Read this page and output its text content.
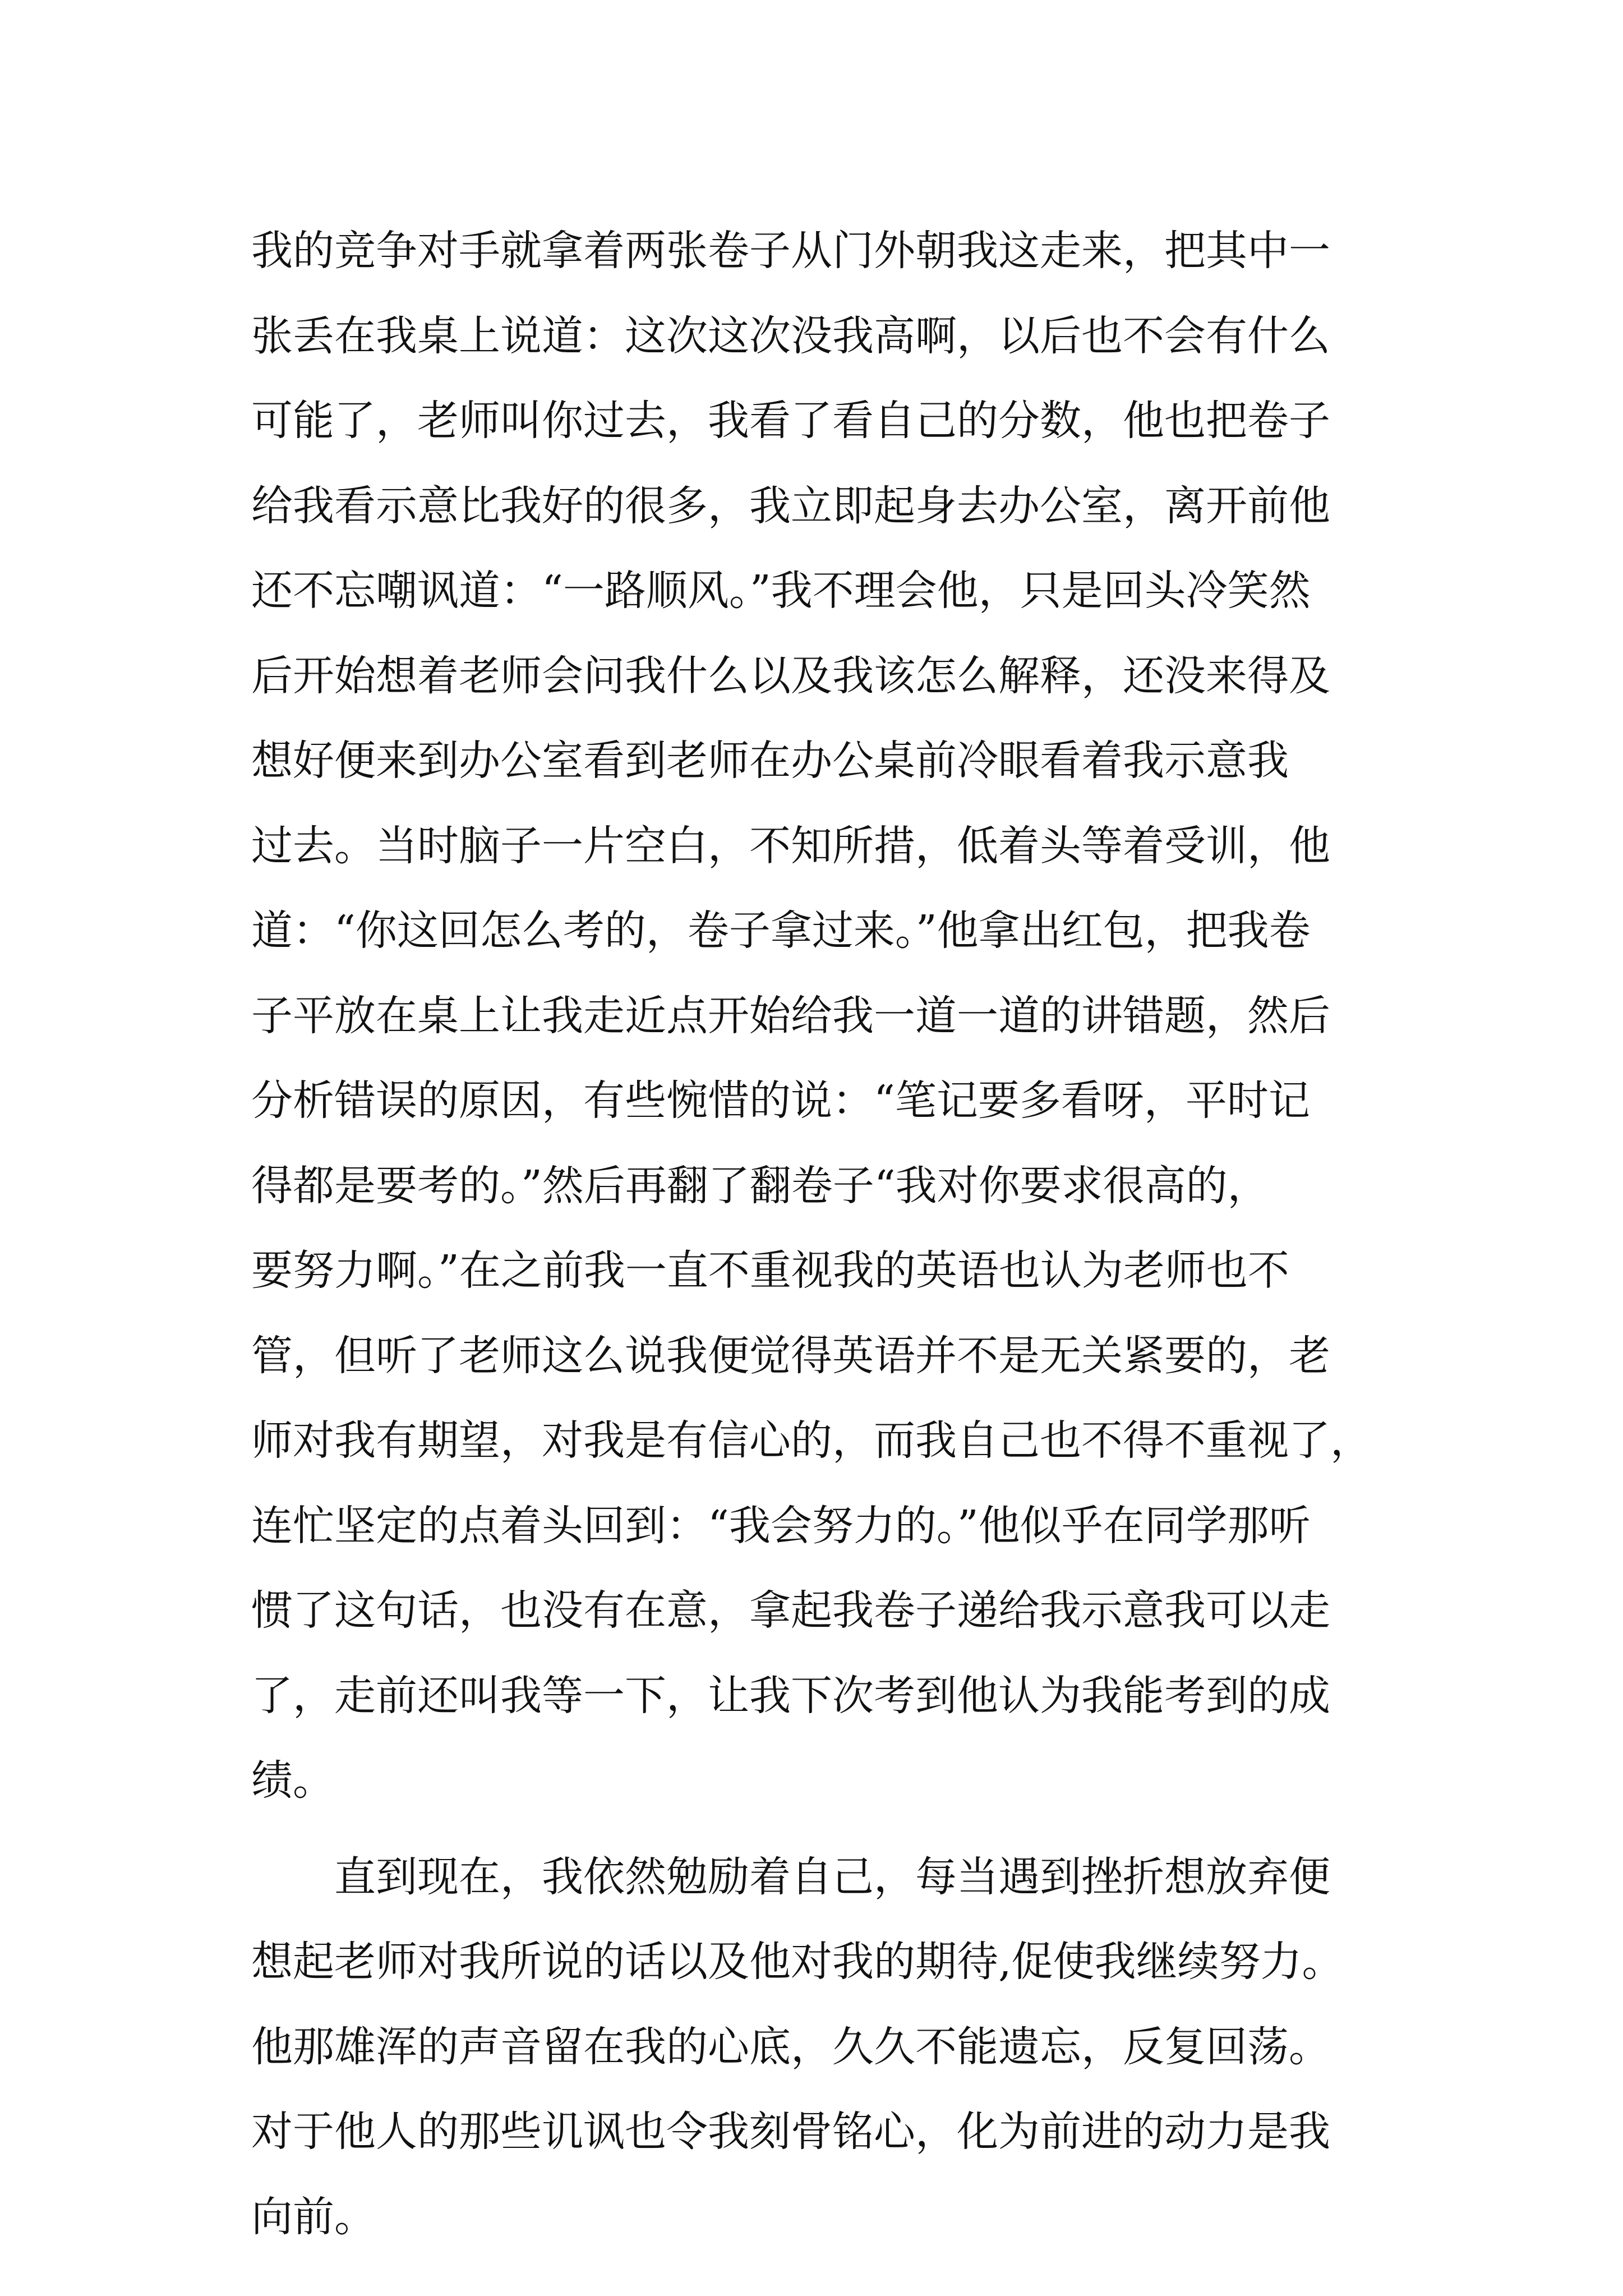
我的竞争对手就拿着两张卷子从门外朝我这走来，把其中一
张丢在我桌上说道：这次这次没我高啊，以后也不会有什么
可能了，老师叫你过去，我看了看自己的分数，他也把卷子
给我看示意比我好的很多，我立即起身去办公室，离开前他
还不忘嘲讽道：“一路顺风。”我不理会他，只是回头冷笑然
后开始想着老师会问我什么以及我该怎么解释，还没来得及
想好便来到办公室看到老师在办公桌前冷眼看着我示意我
过去。当时脑子一片空白，不知所措，低着头等着受训，他
道：“你这回怎么考的，卷子拿过来。”他拿出红包，把我卷
子平放在桌上让我走近点开始给我一道一道的讲错题，然后
分析错误的原因，有些惋惜的说：“笔记要多看呀，平时记
得都是要考的。”然后再翻了翻卷子“我对你要求很高的，
要努力啊。”在之前我一直不重视我的英语也认为老师也不
管，但听了老师这么说我便觉得英语并不是无关紧要的，老
师对我有期望，对我是有信心的，而我自己也不得不重视了，
连忙坚定的点着头回到：“我会努力的。”他似乎在同学那听
惯了这句话，也没有在意，拿起我卷子递给我示意我可以走
了，走前还叫我等一下，让我下次考到他认为我能考到的成
绩。
直到现在，我依然勉励着自己，每当遇到挫折想放弃便
想起老师对我所说的话以及他对我的期待,促使我继续努力。
他那雄浑的声音留在我的心底，久久不能遗忘，反复回荡。
对于他人的那些讥讽也令我刻骨铭心，化为前进的动力是我
向前。
